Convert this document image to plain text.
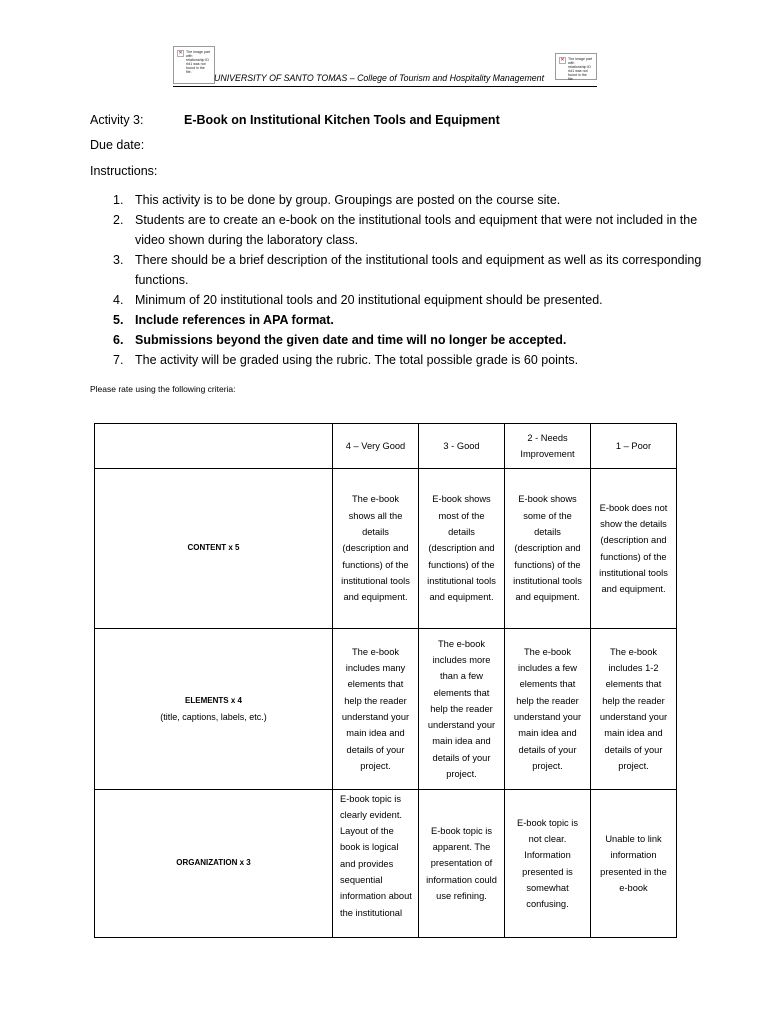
✕ The image part with relationship ID rId1 was not found in the file.
UNIVERSITY OF SANTO TOMAS – College of Tourism and Hospitality Management
✕ The image part with relationship ID rId1 was not found in the file.
Activity 3:	E-Book on Institutional Kitchen Tools and Equipment
Due date:
Instructions:
1. This activity is to be done by group. Groupings are posted on the course site.
2. Students are to create an e-book on the institutional tools and equipment that were not included in the video shown during the laboratory class.
3. There should be a brief description of the institutional tools and equipment as well as its corresponding functions.
4. Minimum of 20 institutional tools and 20 institutional equipment should be presented.
5. Include references in APA format.
6. Submissions beyond the given date and time will no longer be accepted.
7. The activity will be graded using the rubric. The total possible grade is 60 points.
Please rate using the following criteria:
	4 – Very Good	3 - Good	2 - Needs Improvement	1 – Poor

CONTENT x 5	The e-book shows all the details (description and functions) of the institutional tools and equipment.	E-book shows most of the details (description and functions) of the institutional tools and equipment.	E-book shows some of the details (description and functions) of the institutional tools and equipment.	E-book does not show the details (description and functions) of the institutional tools and equipment.

ELEMENTS x 4
(title, captions, labels, etc.)	The e-book includes many elements that help the reader understand your main idea and details of your project.	The e-book includes more than a few elements that help the reader understand your main idea and details of your project.	The e-book includes a few elements that help the reader understand your main idea and details of your project.	The e-book includes 1-2 elements that help the reader understand your main idea and details of your project.

ORGANIZATION x 3	E-book topic is clearly evident. Layout of the book is logical and provides sequential information about the institutional	E-book topic is apparent. The presentation of information could use refining.	E-book topic is not clear. Information presented is somewhat confusing.	Unable to link information presented in the e-book
